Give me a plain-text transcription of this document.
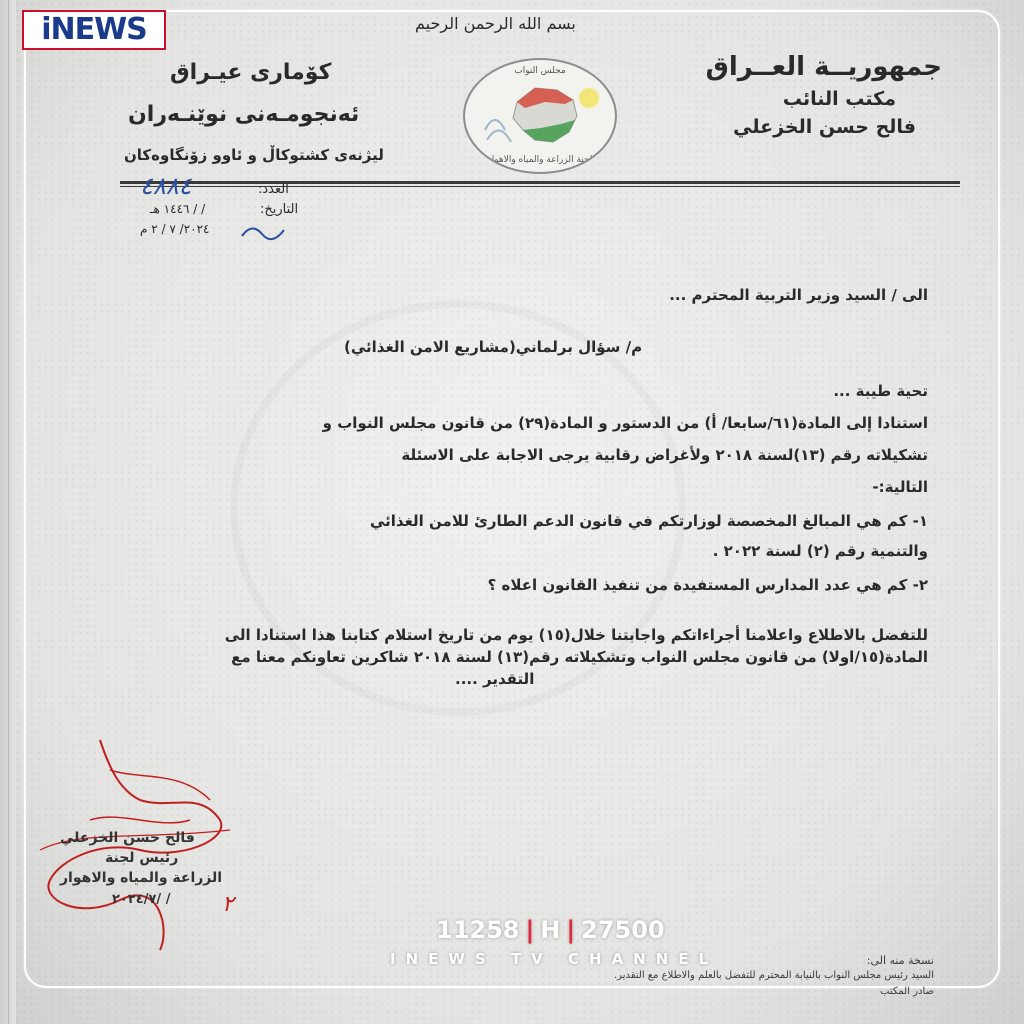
iNEWS	بسم الله الرحمن الرحيم
جمهوريــة العــراق
مكتب النائب
فالح حسن الخزعلي
كۆمارى عيـراق
ئەنجومـەنى نوێنـەران
ليژنەى كشتوكاڵ و ئاوو زۆنگاوەكان
مجلس النواب
لجنة الزراعة والمياه والاهوار
العدد:
٤٨٨٤
التاريخ:
/ / ١٤٤٦ هـ
٢٠٢٤/ ٧ / ٢ م
الى / السيد وزير التربية المحترم ...
م/ سؤال برلماني(مشاريع الامن الغذائي)
تحية طيبة ...
استنادا إلى المادة(٦١/سابعا/ أ) من الدستور و المادة(٢٩) من قانون مجلس النواب و
تشكيلاته رقم (١٣)لسنة ٢٠١٨ ولأغراض رقابية يرجى الاجابة على الاسئلة
التالية:-
١- كم هي المبالغ المخصصة لوزارتكم في قانون الدعم الطارئ للامن الغذائي
والتنمية رقم (٢) لسنة ٢٠٢٢ .
٢- كم هي عدد المدارس المستفيدة من تنفيذ القانون اعلاه ؟
للتفضل بالاطلاع واعلامنا أجراءاتكم واجابتنا خلال(١٥) يوم من تاريخ استلام كتابنا هذا استنادا الى
المادة(١٥/اولا) من قانون مجلس النواب وتشكيلاته رقم(١٣) لسنة ٢٠١٨ شاكرين تعاونكم معنا مع
التقدير ....
فالح حسن الخزعلي
رئيس لجنة
الزراعة والمياه والاهوار
٢٠٢٤/٧/ / ٢
11258 | H | 27500
INEWS TV CHANNEL	نسخة منه الى:
السيد رئيس مجلس النواب بالنيابة المحترم للتفضل بالعلم والاطلاع مع التقدير.
صادر المكتب
